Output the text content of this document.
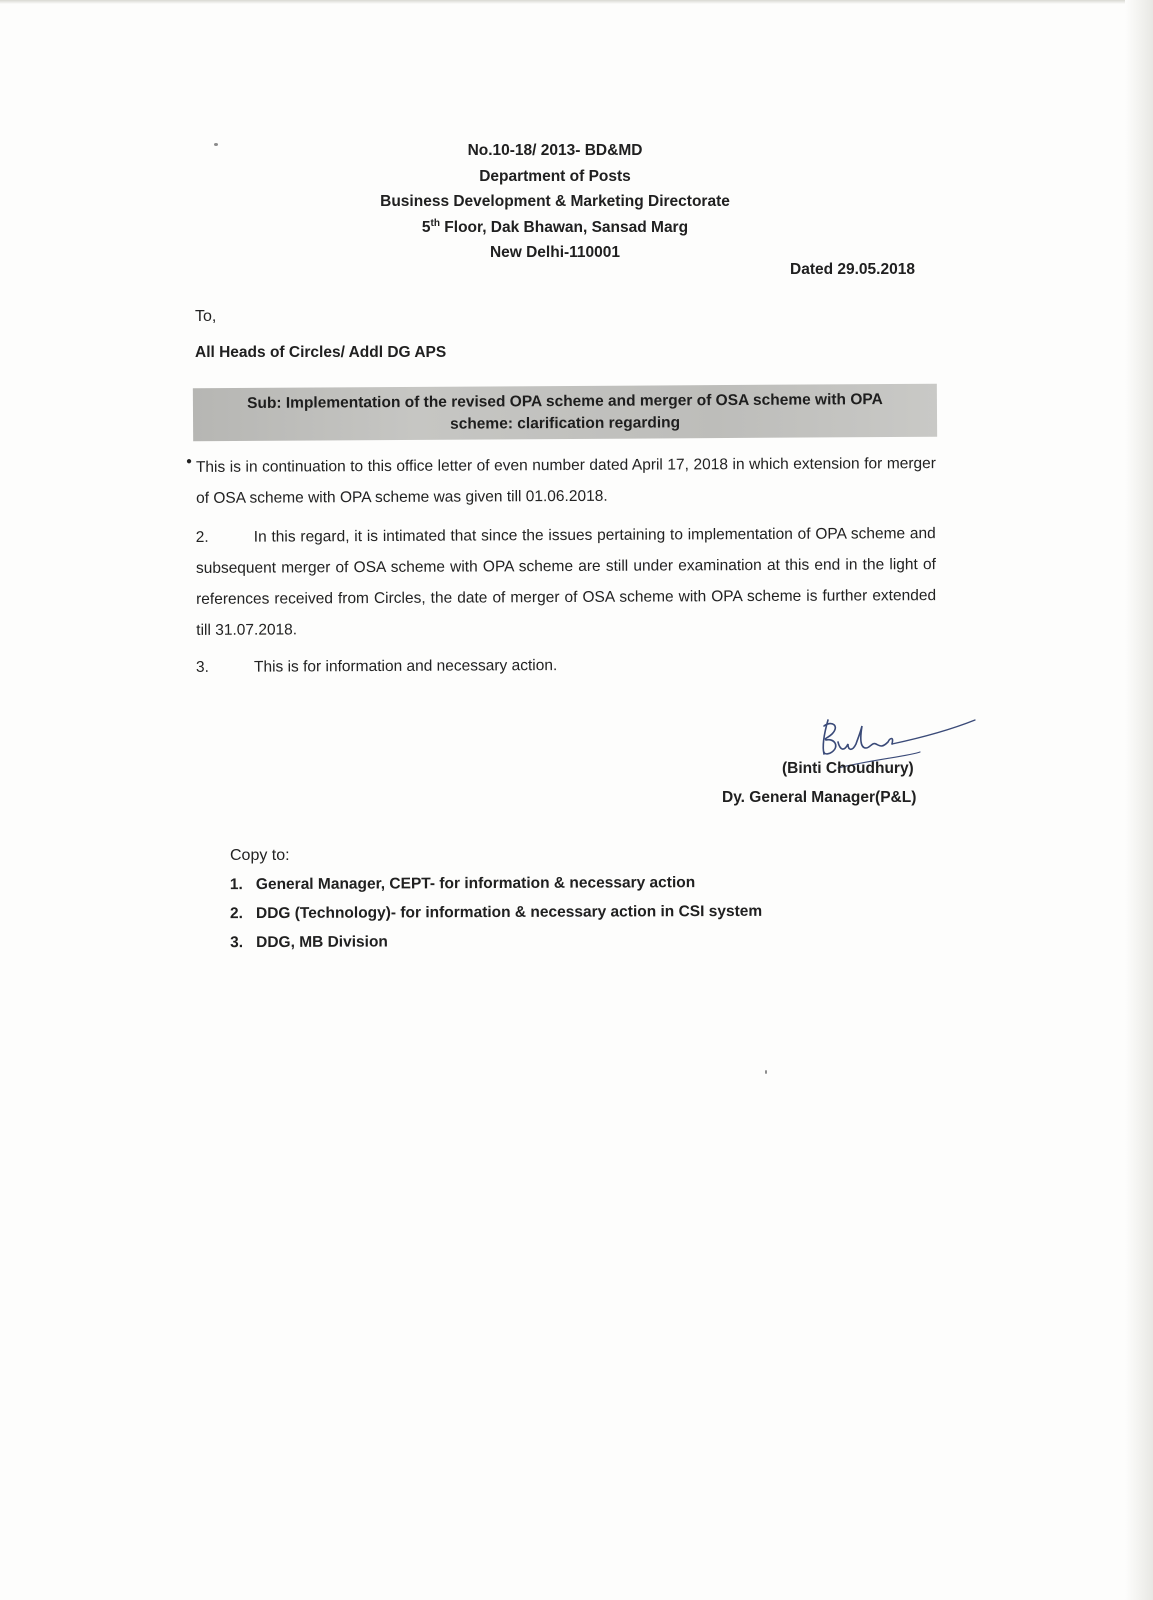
No.10-18/ 2013- BD&MD
Department of Posts
Business Development & Marketing Directorate
5th Floor, Dak Bhawan, Sansad Marg
New Delhi-110001
Dated 29.05.2018
To,
All Heads of Circles/ Addl DG APS
Sub: Implementation of the revised OPA scheme and merger of OSA scheme with OPA
scheme: clarification regarding
● This is in continuation to this office letter of even number dated April 17, 2018 in which extension for merger of OSA scheme with OPA scheme was given till 01.06.2018.
2.	In this regard, it is intimated that since the issues pertaining to implementation of OPA scheme and subsequent merger of OSA scheme with OPA scheme are still under examination at this end in the light of references received from Circles, the date of merger of OSA scheme with OPA scheme is further extended till 31.07.2018.
3.	This is for information and necessary action.
(Binti Choudhury)
Dy. General Manager(P&L)
Copy to:
1. General Manager, CEPT- for information & necessary action
2. DDG (Technology)- for information & necessary action in CSI system
3. DDG, MB Division
